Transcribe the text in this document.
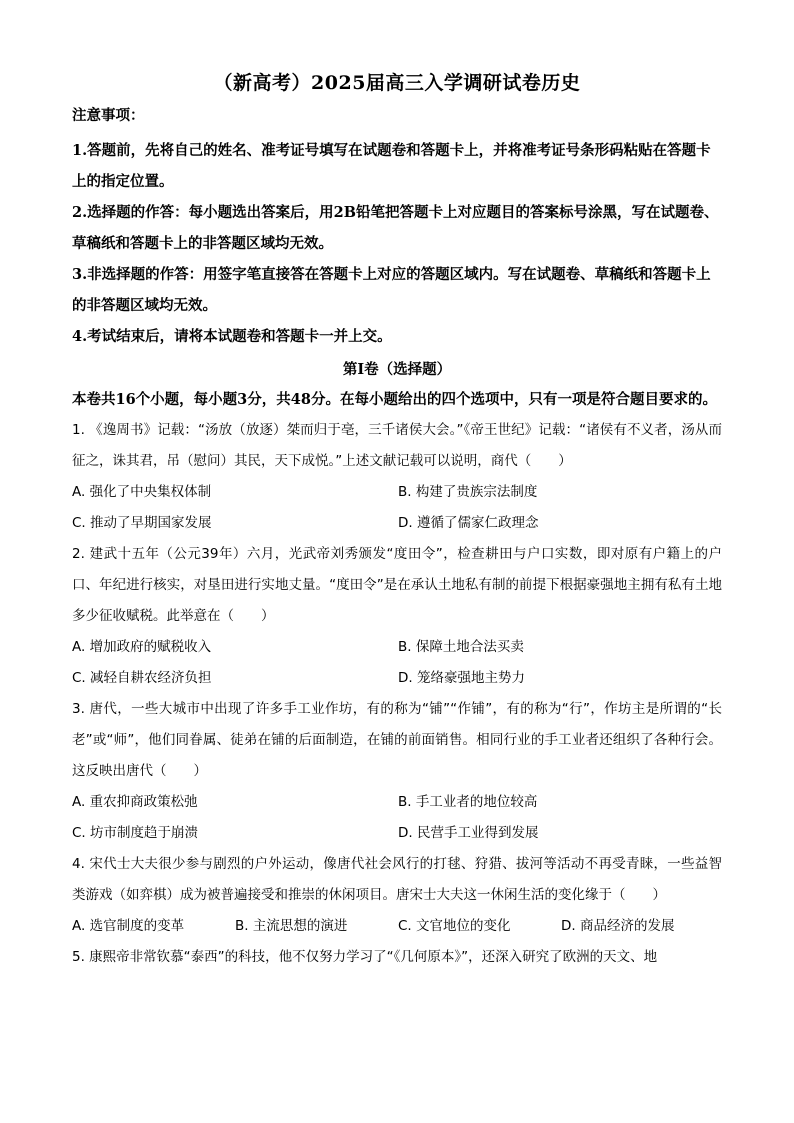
（新高考）2025届高三入学调研试卷历史
注意事项：
1.答题前，先将自己的姓名、准考证号填写在试题卷和答题卡上，并将准考证号条形码粘贴在答题卡上的指定位置。
2.选择题的作答：每小题选出答案后，用2B铅笔把答题卡上对应题目的答案标号涂黑，写在试题卷、草稿纸和答题卡上的非答题区域均无效。
3.非选择题的作答：用签字笔直接答在答题卡上对应的答题区域内。写在试题卷、草稿纸和答题卡上的非答题区域均无效。
4.考试结束后，请将本试题卷和答题卡一并上交。
第Ⅰ卷（选择题）
本卷共16个小题，每小题3分，共48分。在每小题给出的四个选项中，只有一项是符合题目要求的。
1. 《逸周书》记载：“汤放（放逐）桀而归于亳，三千诸侯大会。”《帝王世纪》记载：“诸侯有不义者，汤从而征之，诛其君，吊（慰问）其民，天下成悦。”上述文献记载可以说明，商代（　　）
A. 强化了中央集权体制	B. 构建了贵族宗法制度
C. 推动了早期国家发展	D. 遵循了儒家仁政理念
2. 建武十五年（公元39年）六月，光武帝刘秀颁发“度田令”，检查耕田与户口实数，即对原有户籍上的户口、年纪进行核实，对垦田进行实地丈量。“度田令”是在承认土地私有制的前提下根据豪强地主拥有私有土地多少征收赋税。此举意在（　　）
A. 增加政府的赋税收入	B. 保障土地合法买卖
C. 减轻自耕农经济负担	D. 笼络豪强地主势力
3. 唐代，一些大城市中出现了许多手工业作坊，有的称为“铺”“作铺”，有的称为“行”，作坊主是所谓的“长老”或“师”，他们同眷属、徒弟在铺的后面制造，在铺的前面销售。相同行业的手工业者还组织了各种行会。这反映出唐代（　　）
A. 重农抑商政策松弛	B. 手工业者的地位较高
C. 坊市制度趋于崩溃	D. 民营手工业得到发展
4. 宋代士大夫很少参与剧烈的户外运动，像唐代社会风行的打毬、狩猎、拔河等活动不再受青睐，一些益智类游戏（如弈棋）成为被普遍接受和推崇的休闲项目。唐宋士大夫这一休闲生活的变化缘于（　　）
A. 选官制度的变革	B. 主流思想的演进	C. 文官地位的变化	D. 商品经济的发展
5. 康熙帝非常钦慕“泰西”的科技，他不仅努力学习了“《几何原本》”，还深入研究了欧洲的天文、地
